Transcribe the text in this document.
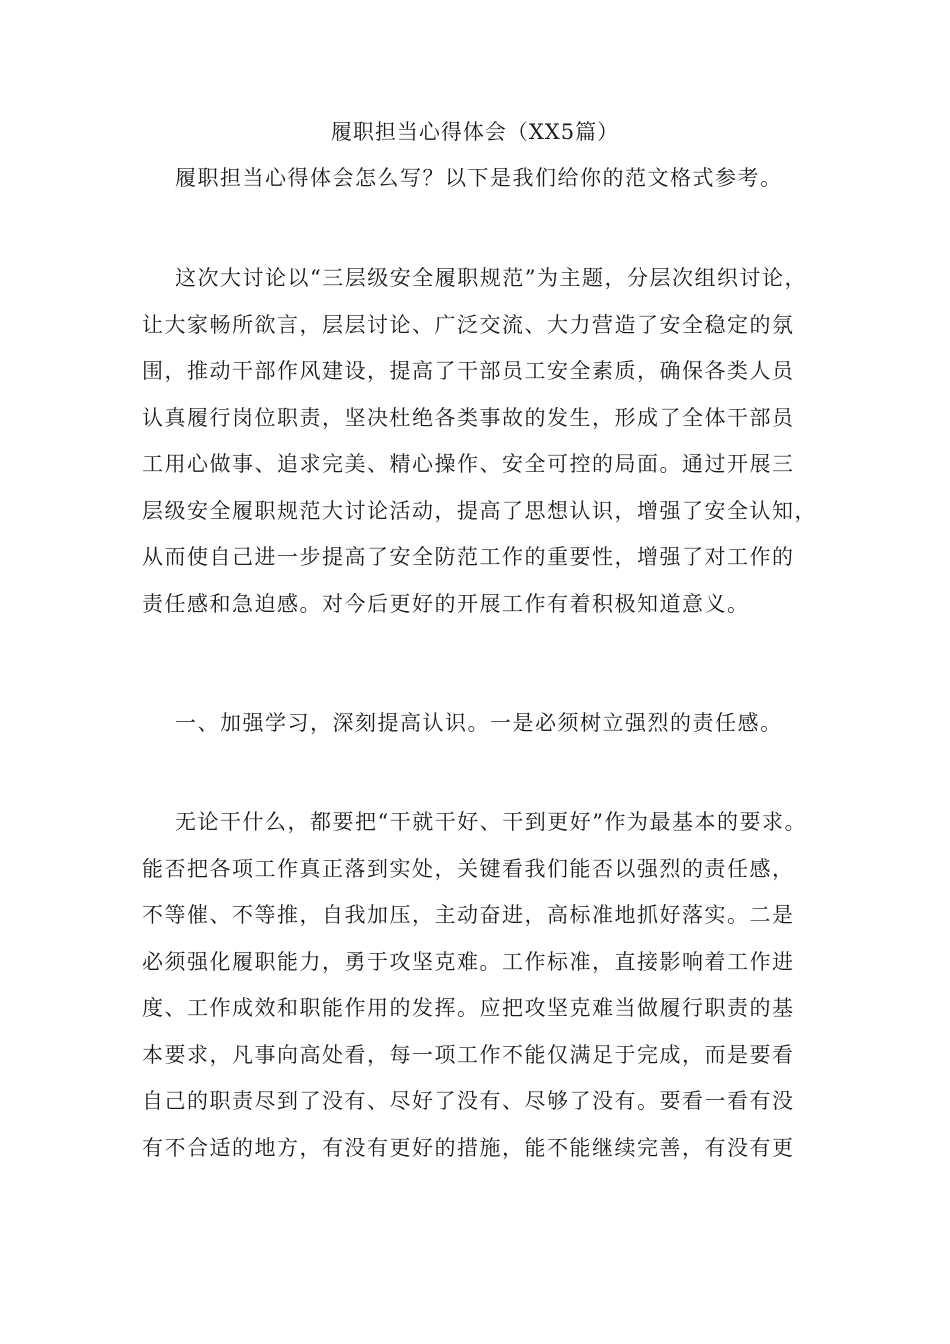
履职担当心得体会（XX5篇）
履职担当心得体会怎么写？以下是我们给你的范文格式参考。

这次大讨论以“三层级安全履职规范”为主题，分层次组织讨论，
让大家畅所欲言，层层讨论、广泛交流、大力营造了安全稳定的氛
围，推动干部作风建设，提高了干部员工安全素质，确保各类人员
认真履行岗位职责，坚决杜绝各类事故的发生，形成了全体干部员
工用心做事、追求完美、精心操作、安全可控的局面。通过开展三
层级安全履职规范大讨论活动，提高了思想认识，增强了安全认知，
从而使自己进一步提高了安全防范工作的重要性，增强了对工作的
责任感和急迫感。对今后更好的开展工作有着积极知道意义。

一、加强学习，深刻提高认识。一是必须树立强烈的责任感。

无论干什么，都要把“干就干好、干到更好”作为最基本的要求。
能否把各项工作真正落到实处，关键看我们能否以强烈的责任感，
不等催、不等推，自我加压，主动奋进，高标准地抓好落实。二是
必须强化履职能力，勇于攻坚克难。工作标准，直接影响着工作进
度、工作成效和职能作用的发挥。应把攻坚克难当做履行职责的基
本要求，凡事向高处看，每一项工作不能仅满足于完成，而是要看
自己的职责尽到了没有、尽好了没有、尽够了没有。要看一看有没
有不合适的地方，有没有更好的措施，能不能继续完善，有没有更
